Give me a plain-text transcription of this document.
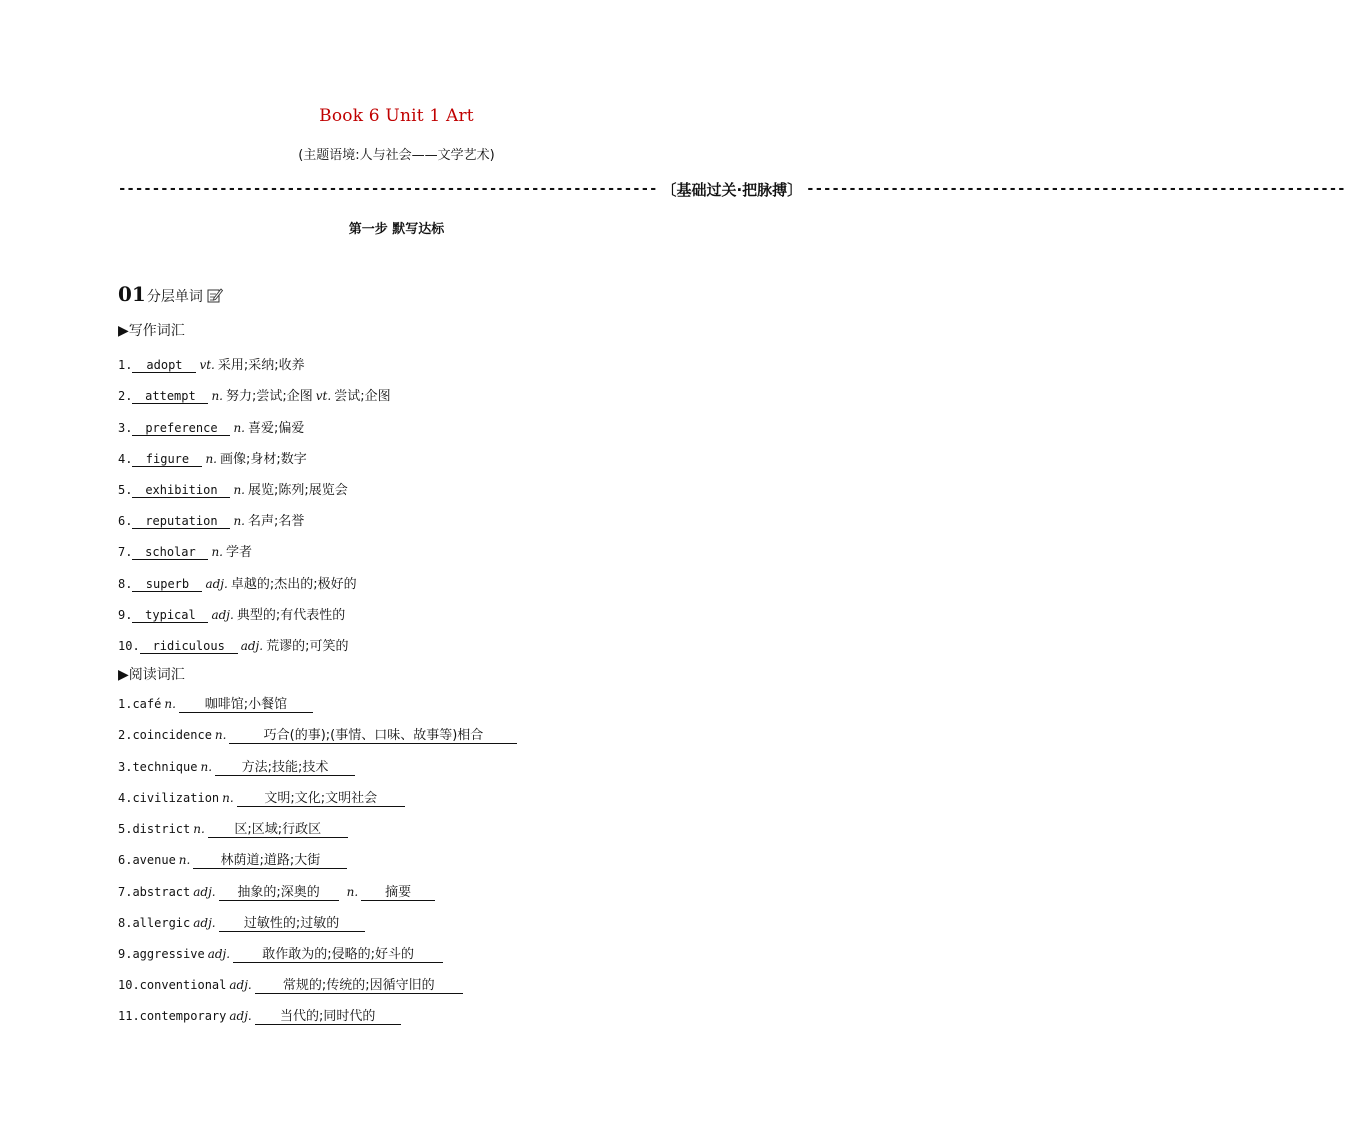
Book 6 Unit 1 Art
(主题语境:人与社会——文学艺术)
---------------------------------------------------------------- 〔基础过关·把脉搏〕 ----------------------------------------------------------------
第一步 默写达标
01 分层单词
▶写作词汇
1. adopt vt. 采用;采纳;收养
2. attempt n. 努力;尝试;企图 vt. 尝试;企图
3. preference n. 喜爱;偏爱
4. figure n. 画像;身材;数字
5. exhibition n. 展览;陈列;展览会
6. reputation n. 名声;名誉
7. scholar n. 学者
8. superb adj. 卓越的;杰出的;极好的
9. typical adj. 典型的;有代表性的
10. ridiculous adj. 荒谬的;可笑的
▶阅读词汇
1.café n. 咖啡馆;小餐馆
2.coincidence n.	巧合(的事);(事情、口味、故事等)相合
3.technique n. 方法;技能;技术
4.civilization n. 文明;文化;文明社会
5.district n. 区;区域;行政区
6.avenue n. 林荫道;道路;大街
7.abstract adj. 抽象的;深奥的 n. 摘要
8.allergic adj. 过敏性的;过敏的
9.aggressive adj. 敢作敢为的;侵略的;好斗的
10.conventional adj. 常规的;传统的;因循守旧的
11.contemporary adj. 当代的;同时代的
